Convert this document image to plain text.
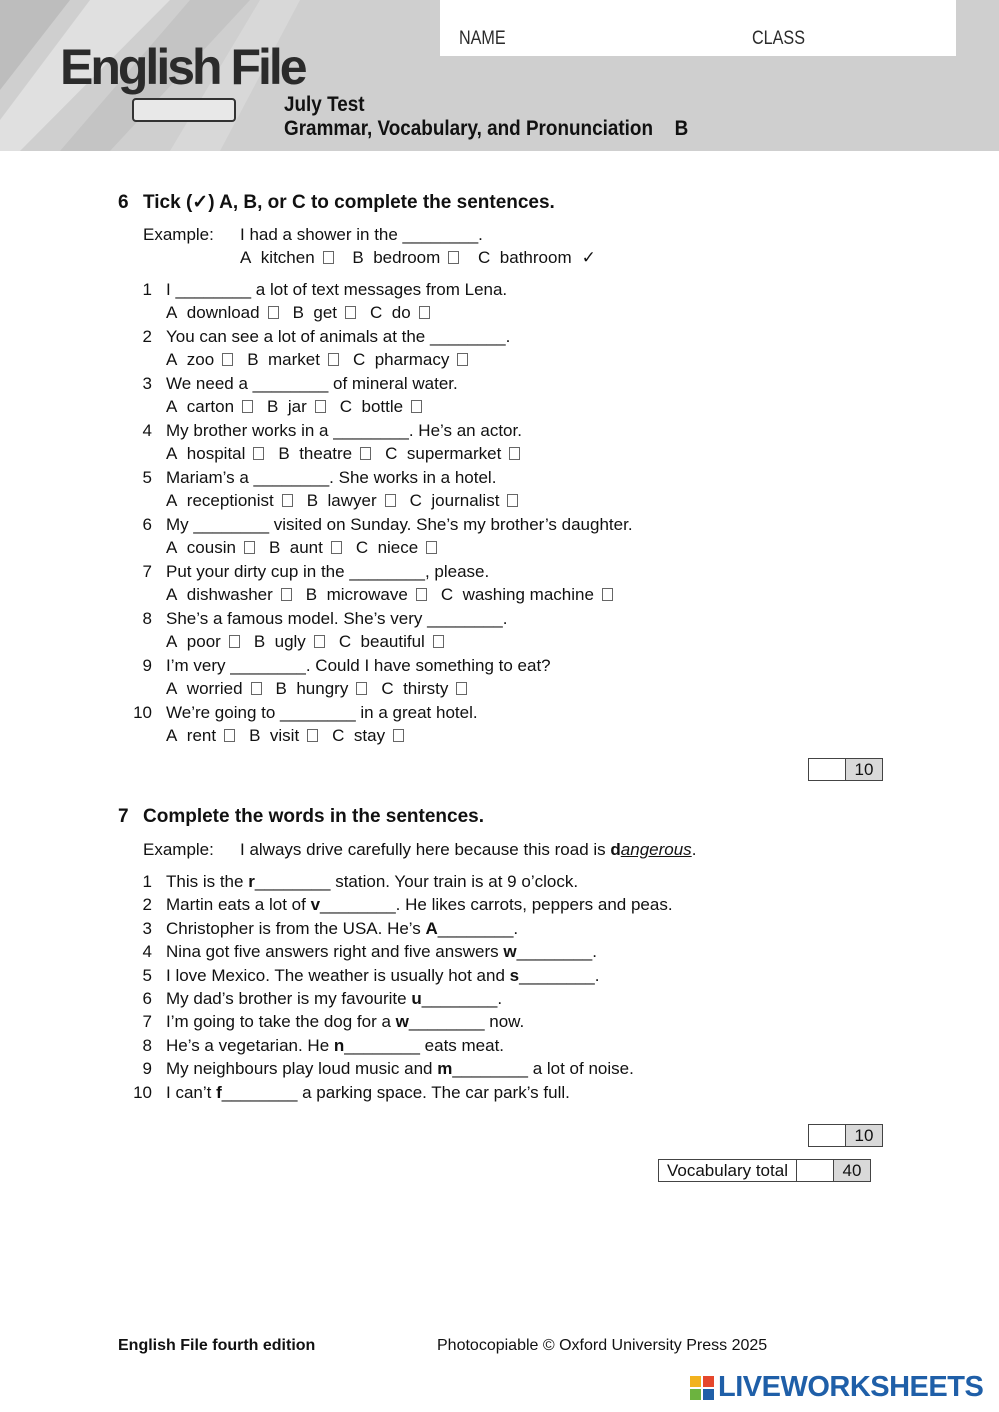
English File
NAME	CLASS
July Test
Grammar, Vocabulary, and Pronunciation B
6 Tick (✓) A, B, or C to complete the sentences.
Example: I had a shower in the ________.
A kitchen B bedroom C bathroom ✓
1 I ________ a lot of text messages from Lena.
A download B get C do
2 You can see a lot of animals at the ________.
A zoo B market C pharmacy
3 We need a ________ of mineral water.
A carton B jar C bottle
4 My brother works in a ________. He’s an actor.
A hospital B theatre C supermarket
5 Mariam’s a ________. She works in a hotel.
A receptionist B lawyer C journalist
6 My ________ visited on Sunday. She’s my brother’s daughter.
A cousin B aunt C niece
7 Put your dirty cup in the ________, please.
A dishwasher B microwave C washing machine
8 She’s a famous model. She’s very ________.
A poor B ugly C beautiful
9 I’m very ________. Could I have something to eat?
A worried B hungry C thirsty
10 We’re going to ________ in a great hotel.
A rent B visit C stay
10
7 Complete the words in the sentences.
Example: I always drive carefully here because this road is dangerous.
1 This is the r________ station. Your train is at 9 o’clock.
2 Martin eats a lot of v________. He likes carrots, peppers and peas.
3 Christopher is from the USA. He’s A________.
4 Nina got five answers right and five answers w________.
5 I love Mexico. The weather is usually hot and s________.
6 My dad’s brother is my favourite u________.
7 I’m going to take the dog for a w________ now.
8 He’s a vegetarian. He n________ eats meat.
9 My neighbours play loud music and m________ a lot of noise.
10 I can’t f________ a parking space. The car park’s full.
10
Vocabulary total	40
English File fourth edition	Photocopiable © Oxford University Press 2025
LIVEWORKSHEETS
